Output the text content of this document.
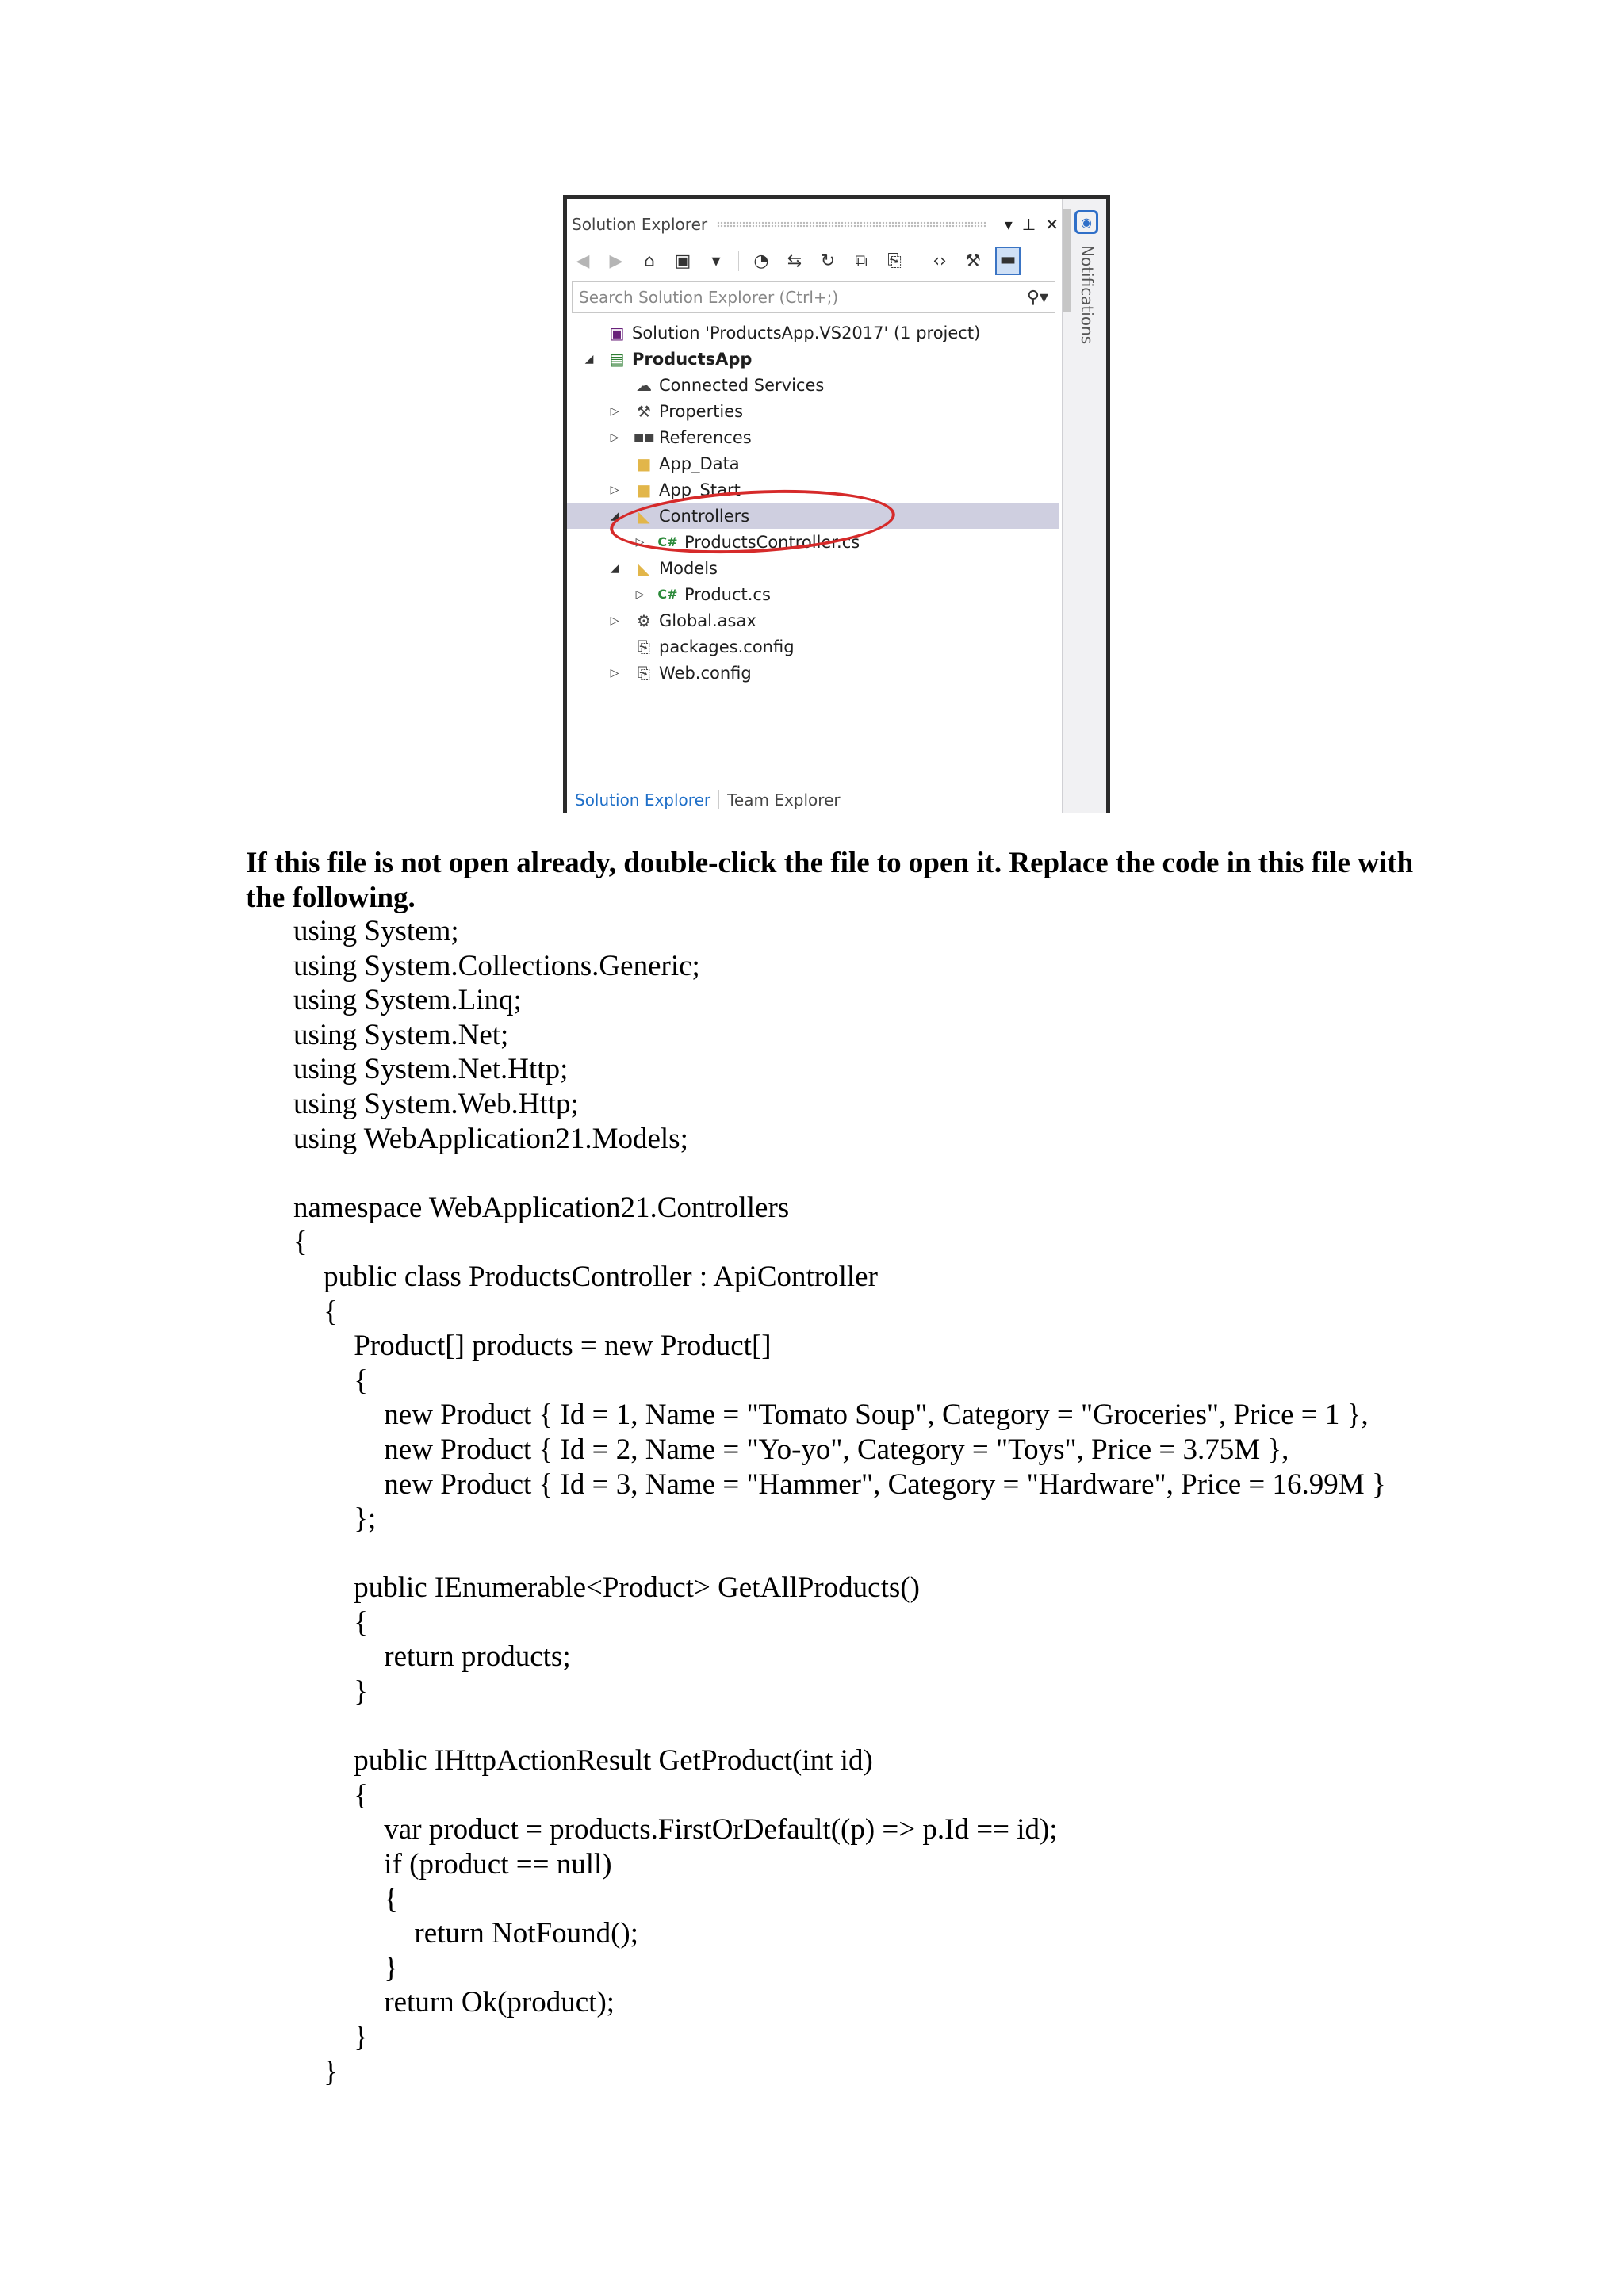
Solution Explorer	▾ ⊥ ✕	◉
Notifications
◀ ▶	⌂	▣	▾	◔ ⇆ ↻ ⧉ ⎘ ‹› ⚒ ▬
Search Solution Explorer (Ctrl+;)	⚲▾
▣ Solution 'ProductsApp.VS2017' (1 project)
◢ ▤ ProductsApp
☁ Connected Services
▷ ⚒ Properties
▷ ■■ References
■ App_Data
▷ ■ App_Start
◢ ◣ Controllers
▷ C# ProductsController.cs
◢ ◣ Models
▷ C# Product.cs
▷ ⚙ Global.asax
⎘ packages.config
▷ ⎘ Web.config
Solution Explorer	Team Explorer
If this file is not open already, double-click the file to open it. Replace the code in this file with the following.
using System;
using System.Collections.Generic;
using System.Linq;
using System.Net;
using System.Net.Http;
using System.Web.Http;
using WebApplication21.Models;

namespace WebApplication21.Controllers
{
public class ProductsController : ApiController
{
Product[] products = new Product[]
{
new Product { Id = 1, Name = "Tomato Soup", Category = "Groceries", Price = 1 },
new Product { Id = 2, Name = "Yo-yo", Category = "Toys", Price = 3.75M },
new Product { Id = 3, Name = "Hammer", Category = "Hardware", Price = 16.99M }
};

public IEnumerable<Product> GetAllProducts()
{
return products;
}

public IHttpActionResult GetProduct(int id)
{
var product = products.FirstOrDefault((p) => p.Id == id);
if (product == null)
{
return NotFound();
}
return Ok(product);
}
}
